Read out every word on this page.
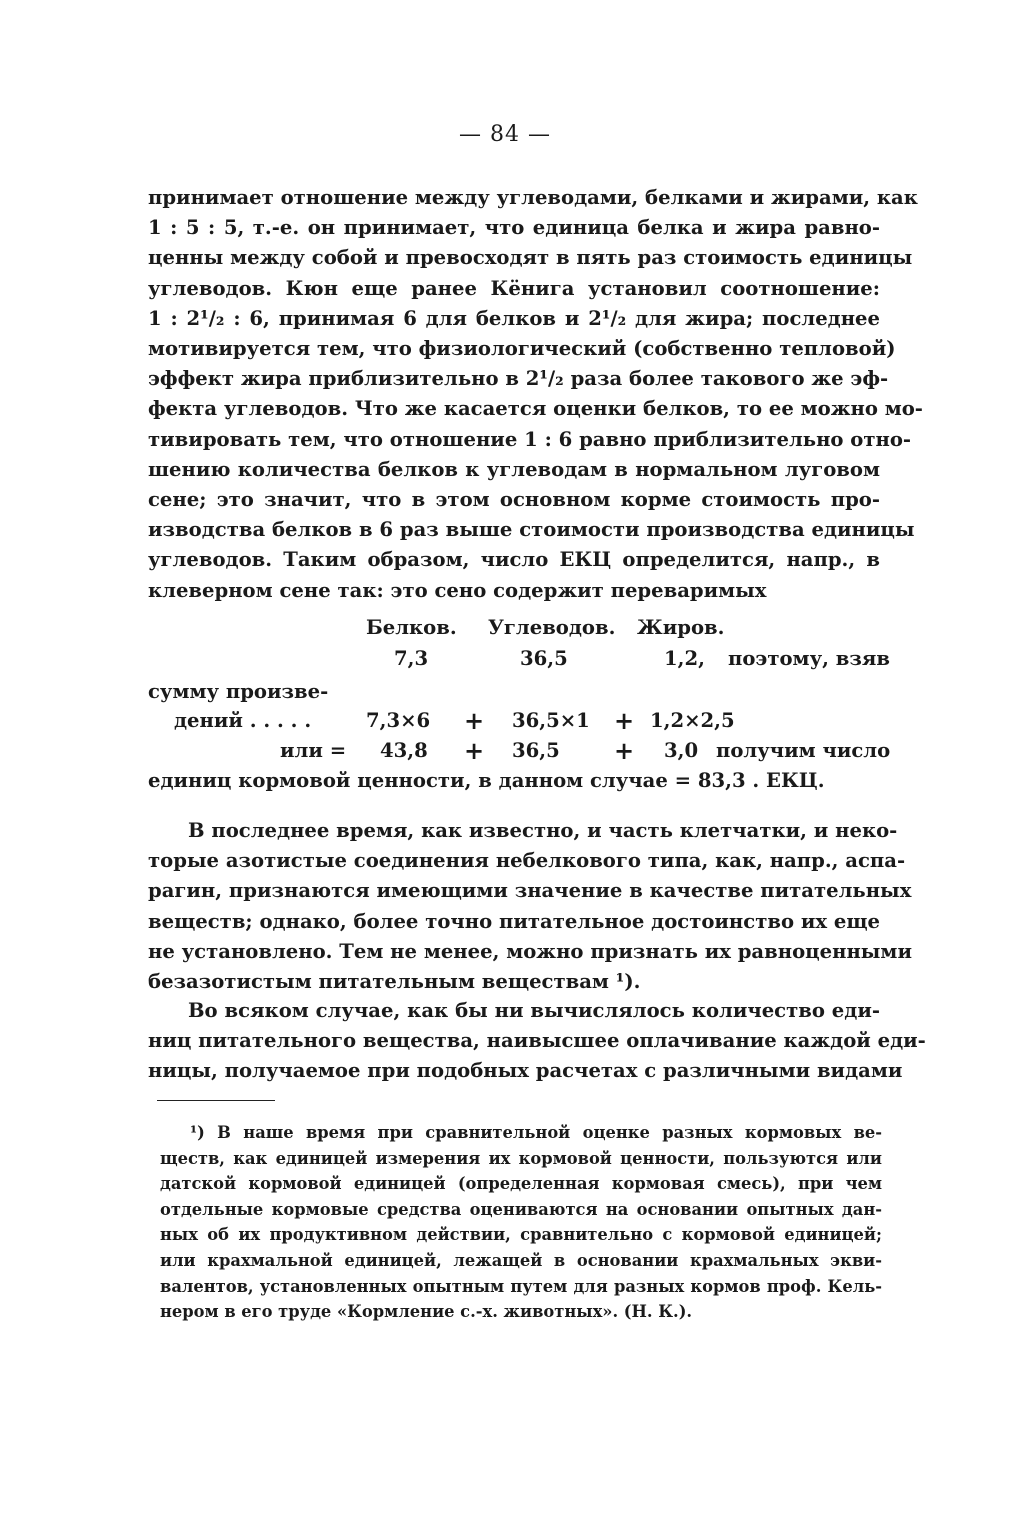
— 84 —
принимает отношение между углеводами, белками и жирами, как
1 : 5 : 5, т.-е. он принимает, что единица белка и жира равно-
ценны между собой и превосходят в пять раз стоимость единицы
углеводов. Кюн еще ранее Кёнига установил соотношение:
1 : 2¹/₂ : 6, принимая 6 для белков и 2¹/₂ для жира; последнее
мотивируется тем, что физиологический (собственно тепловой)
эффект жира приблизительно в 2¹/₂ раза более такового же эф-
фекта углеводов. Что же касается оценки белков, то ее можно мо-
тивировать тем, что отношение 1 : 6 равно приблизительно отно-
шению количества белков к углеводам в нормальном луговом
сене; это значит, что в этом основном корме стоимость про-
изводства белков в 6 раз выше стоимости производства единицы
углеводов. Таким образом, число ЕКЦ определится, напр., в
клеверном сене так: это сено содержит переваримых
Белков. Углеводов. Жиров.
7,3	36,5	1,2, поэтому, взяв
сумму произве-
дений . . . . .	7,3×6 + 36,5×1 + 1,2×2,5
или = 43,8 + 36,5 + 3,0 получим число
единиц кормовой ценности, в данном случае = 83,3 . ЕКЦ.
В последнее время, как известно, и часть клетчатки, и неко-
торые азотистые соединения небелкового типа, как, напр., аспа-
рагин, признаются имеющими значение в качестве питательных
веществ; однако, более точно питательное достоинство их еще
не установлено. Тем не менее, можно признать их равноценными
безазотистым питательным веществам ¹).
Во всяком случае, как бы ни вычислялось количество еди-
ниц питательного вещества, наивысшее оплачивание каждой еди-
ницы, получаемое при подобных расчетах с различными видами
¹) В наше время при сравнительной оценке разных кормовых ве-
ществ, как единицей измерения их кормовой ценности, пользуются или
датской кормовой единицей (определенная кормовая смесь), при чем
отдельные кормовые средства оцениваются на основании опытных дан-
ных об их продуктивном действии, сравнительно с кормовой единицей;
или крахмальной единицей, лежащей в основании крахмальных экви-
валентов, установленных опытным путем для разных кормов проф. Кель-
нером в его труде «Кормление с.-х. животных». (Н. К.).
